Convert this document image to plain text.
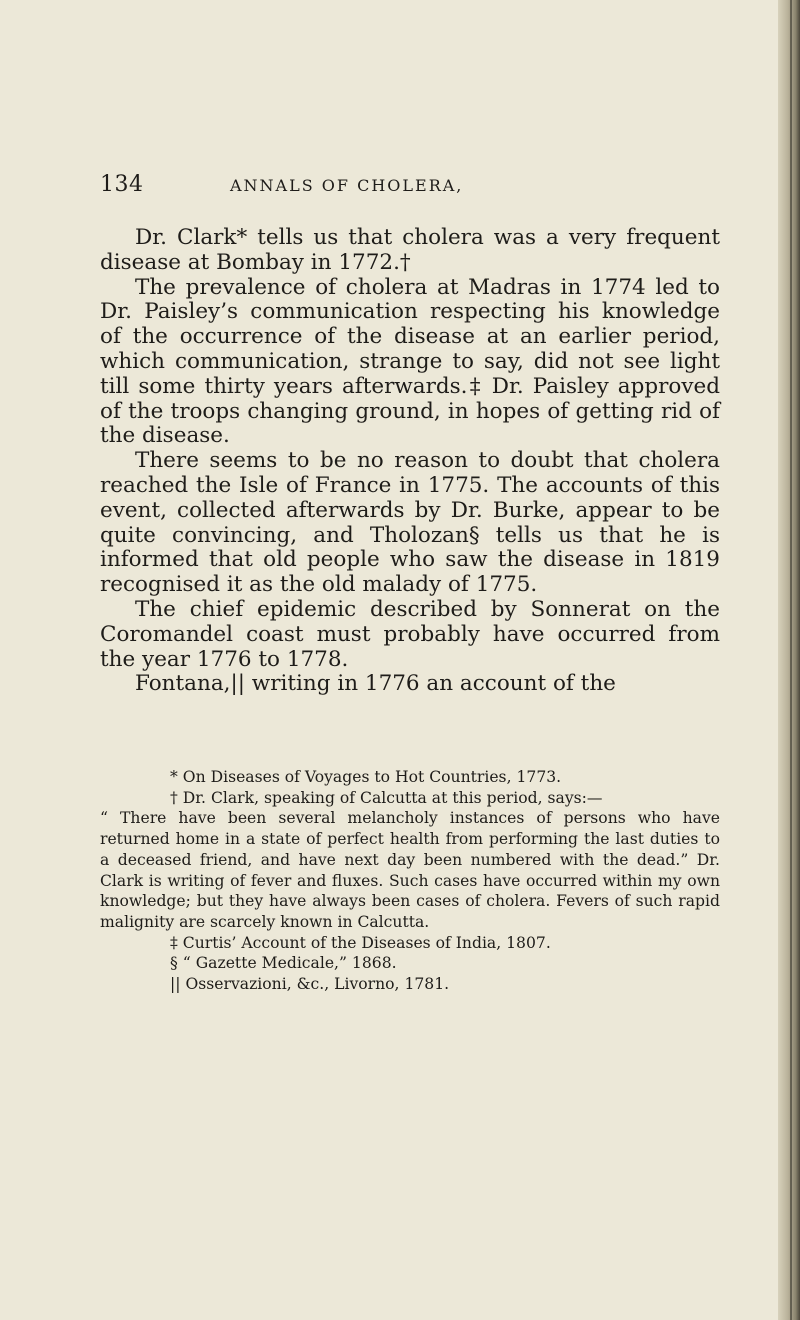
134	ANNALS OF CHOLERA,

Dr. Clark* tells us that cholera was a very frequent disease at Bombay in 1772.†

The prevalence of cholera at Madras in 1774 led to Dr. Paisley’s communication respecting his knowledge of the occurrence of the disease at an earlier period, which communication, strange to say, did not see light till some thirty years afterwards.‡ Dr. Paisley approved of the troops changing ground, in hopes of getting rid of the disease.

There seems to be no reason to doubt that cholera reached the Isle of France in 1775. The accounts of this event, collected afterwards by Dr. Burke, appear to be quite convincing, and Tholozan§ tells us that he is informed that old people who saw the disease in 1819 recognised it as the old malady of 1775.

The chief epidemic described by Sonnerat on the Coromandel coast must probably have occurred from the year 1776 to 1778.

Fontana,|| writing in 1776 an account of the

* On Diseases of Voyages to Hot Countries, 1773.

† Dr. Clark, speaking of Calcutta at this period, says:—

“ There have been several melancholy instances of persons who have returned home in a state of perfect health from performing the last duties to a deceased friend, and have next day been numbered with the dead.” Dr. Clark is writing of fever and fluxes. Such cases have occurred within my own knowledge; but they have always been cases of cholera. Fevers of such rapid malignity are scarcely known in Calcutta.

‡ Curtis’ Account of the Diseases of India, 1807.

§ “ Gazette Medicale,” 1868.

|| Osservazioni, &c., Livorno, 1781.
